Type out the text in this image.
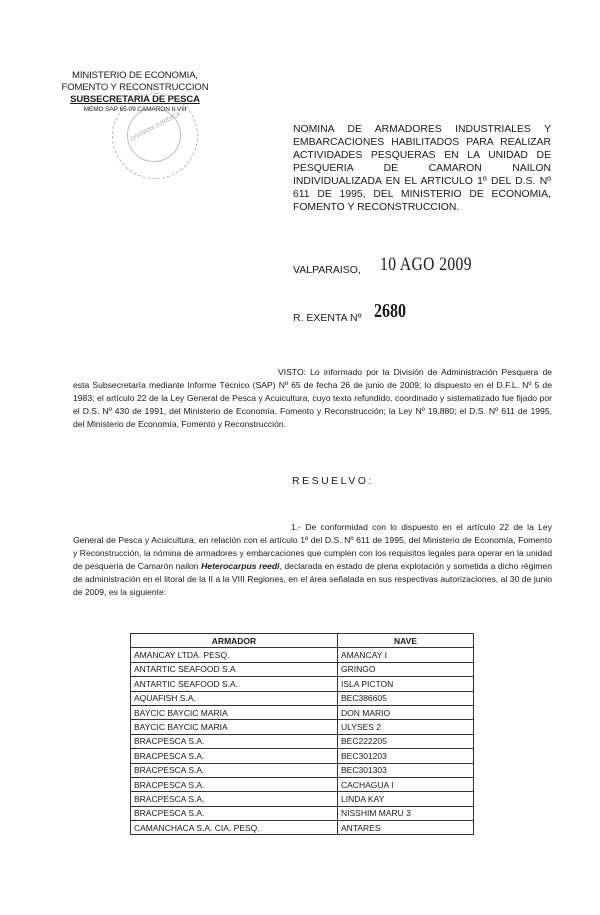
MINISTERIO DE ECONOMIA,
FOMENTO Y RECONSTRUCCION
SUBSECRETARIA DE PESCA
MEMO SAP 65-09 CAMARON II-VIII
DIVISION JURIDICA	NOMINA DE ARMADORES INDUSTRIALES Y EMBARCACIONES HABILITADOS PARA REALIZAR ACTIVIDADES PESQUERAS EN LA UNIDAD DE PESQUERIA DE CAMARON NAILON INDIVIDUALIZADA EN EL ARTICULO 1º DEL D.S. Nº 611 DE 1995, DEL MINISTERIO DE ECONOMIA, FOMENTO Y RECONSTRUCCION.
VALPARAISO, 10 AGO 2009
R. EXENTA Nº 2680
VISTO: Lo informado por la División de Administración Pesquera de esta Subsecretaría mediante Informe Técnico (SAP) Nº 65 de fecha 26 de junio de 2009; lo dispuesto en el D.F.L. Nº 5 de 1983; el artículo 22 de la Ley General de Pesca y Acuicultura, cuyo texto refundido, coordinado y sistematizado fue fijado por el D.S. Nº 430 de 1991, del Ministerio de Economía, Fomento y Reconstrucción; la Ley Nº 19.880; el D.S. Nº 611 de 1995, del Ministerio de Economía, Fomento y Reconstrucción.
RESUELVO:
1.- De conformidad con lo dispuesto en el artículo 22 de la Ley General de Pesca y Acuicultura, en relación con el artículo 1º del D.S. Nº 611 de 1995, del Ministerio de Economía, Fomento y Reconstrucción, la nómina de armadores y embarcaciones que cumplen con los requisitos legales para operar en la unidad de pesquería de Camarón nailon Heterocarpus reedi, declarada en estado de plena explotación y sometida a dicho régimen de administración en el litoral de la II a la VIII Regiones, en el área señalada en sus respectivas autorizaciones, al 30 de junio de 2009, es la siguiente:
ARMADOR	NAVE
AMANCAY LTDA. PESQ.	AMANCAY I
ANTARTIC SEAFOOD S.A	GRINGO
ANTARTIC SEAFOOD S.A.	ISLA PICTON
AQUAFISH S.A.	BEC386605
BAYCIC BAYCIC MARIA	DON MARIO
BAYCIC BAYCIC MARIA	ULYSES 2
BRACPESCA S.A.	BEC222205
BRACPESCA S.A.	BEC301203
BRACPESCA S.A.	BEC301303
BRACPESCA S.A.	CACHAGUA I
BRACPESCA S.A.	LINDA KAY
BRACPESCA S.A.	NISSHIM MARU 3
CAMANCHACA S.A. CIA. PESQ.	ANTARES
